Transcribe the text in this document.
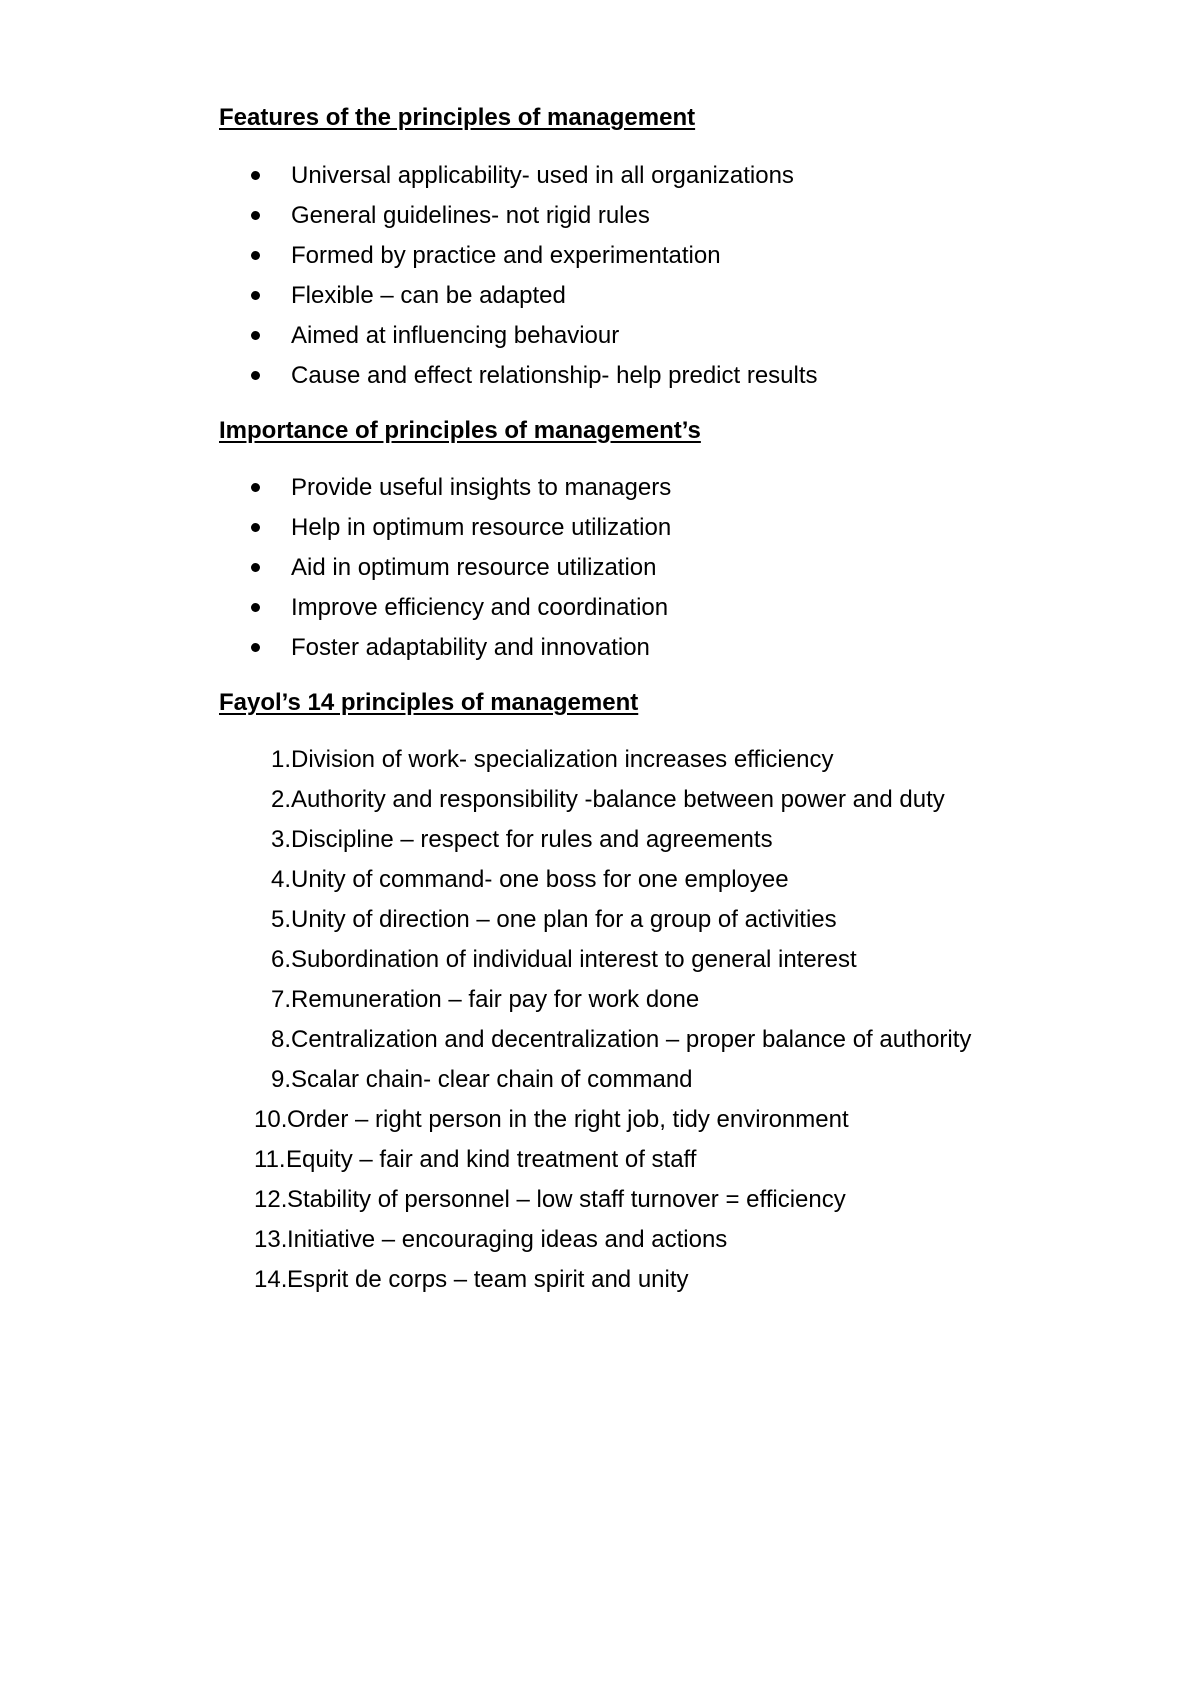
Features of the principles of management
Universal applicability- used in all organizations
General guidelines- not rigid rules
Formed by practice and experimentation
Flexible – can be adapted
Aimed at influencing behaviour
Cause and effect relationship- help predict results
Importance of principles of management’s
Provide useful insights to managers
Help in optimum resource utilization
Aid in optimum resource utilization
Improve efficiency and coordination
Foster adaptability and innovation
Fayol’s 14 principles of management
1. Division of work- specialization increases efficiency
2. Authority and responsibility -balance between power and duty
3. Discipline – respect for rules and agreements
4. Unity of command- one boss for one employee
5. Unity of direction – one plan for a group of activities
6. Subordination of individual interest to general interest
7. Remuneration – fair pay for work done
8. Centralization and decentralization – proper balance of authority
9. Scalar chain- clear chain of command
10. Order – right person in the right job, tidy environment
11. Equity – fair and kind treatment of staff
12. Stability of personnel – low staff turnover = efficiency
13. Initiative – encouraging ideas and actions
14. Esprit de corps – team spirit and unity
